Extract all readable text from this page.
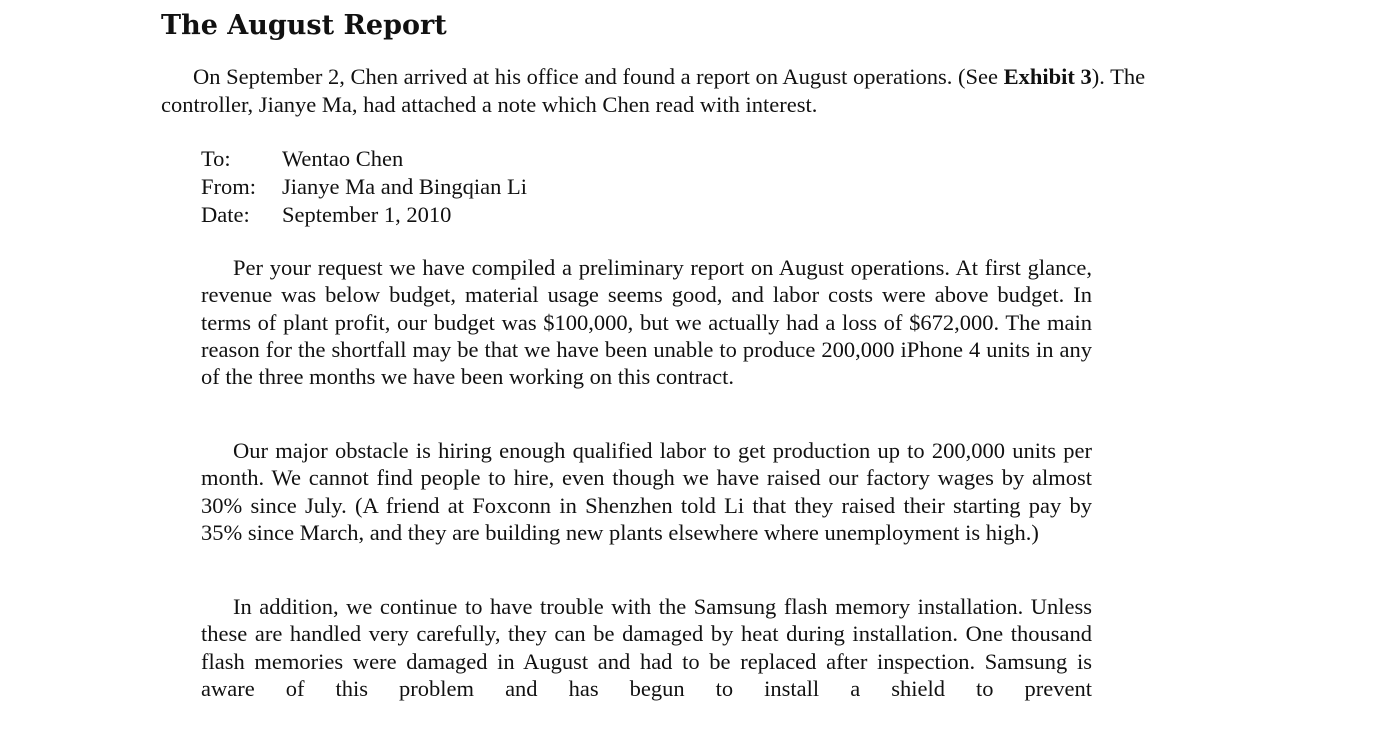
The August Report

On September 2, Chen arrived at his office and found a report on August operations. (See Exhibit 3). The controller, Jianye Ma, had attached a note which Chen read with interest.

To:	Wentao Chen
From:	Jianye Ma and Bingqian Li
Date:	September 1, 2010

Per your request we have compiled a preliminary report on August operations. At first glance, revenue was below budget, material usage seems good, and labor costs were above budget. In terms of plant profit, our budget was $100,000, but we actually had a loss of $672,000. The main reason for the shortfall may be that we have been unable to produce 200,000 iPhone 4 units in any of the three months we have been working on this contract.

Our major obstacle is hiring enough qualified labor to get production up to 200,000 units per month. We cannot find people to hire, even though we have raised our factory wages by almost 30% since July. (A friend at Foxconn in Shenzhen told Li that they raised their starting pay by 35% since March, and they are building new plants elsewhere where unemployment is high.)

In addition, we continue to have trouble with the Samsung flash memory installation. Unless these are handled very carefully, they can be damaged by heat during installation. One thousand flash memories were damaged in August and had to be replaced after inspection. Samsung is aware of this problem and has begun to install a shield to prevent
